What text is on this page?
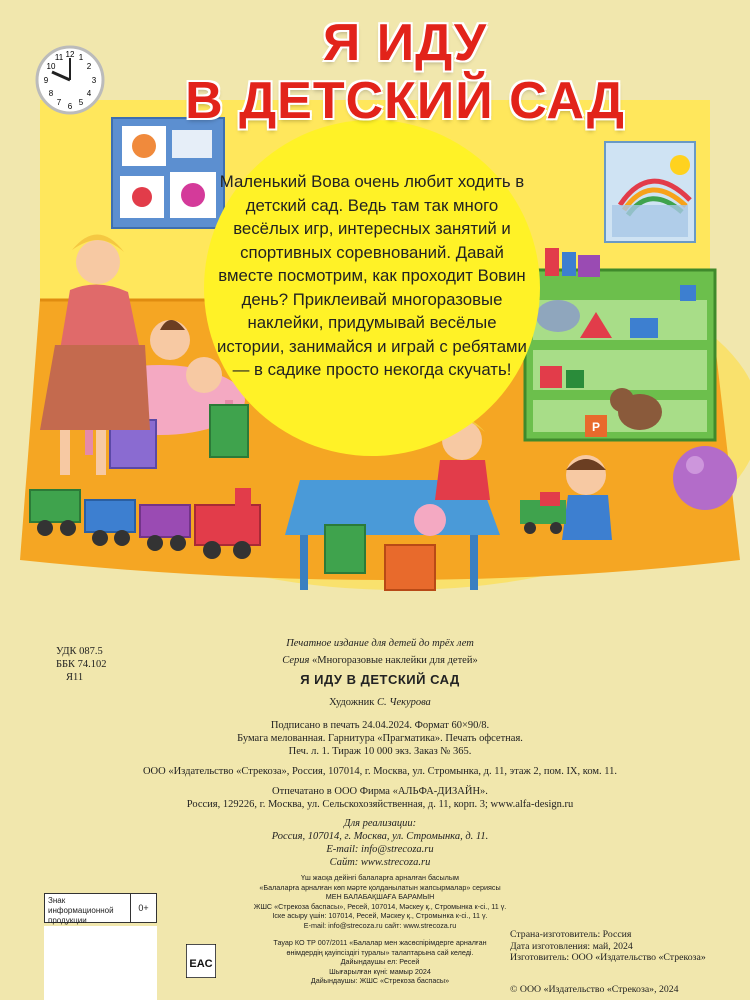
12 1
2
3
4
5
6
7
8
9
10
11
Р
Я ИДУ
В ДЕТСКИЙ САД
Маленький Вова очень любит ходить в детский сад. Ведь там так много весёлых игр, интересных занятий и спортивных соревнований. Давай вместе посмотрим, как проходит Вовин день? Приклеивай многоразовые наклейки, придумывай весёлые истории, занимайся и играй с ребятами — в садике просто некогда скучать!
УДК 087.5
ББК 74.102
Я11
Печатное издание для детей до трёх лет
Серия «Многоразовые наклейки для детей»
Я ИДУ В ДЕТСКИЙ САД
Художник С. Чекурова
Подписано в печать 24.04.2024. Формат 60×90/8.
Бумага мелованная. Гарнитура «Прагматика». Печать офсетная.
Печ. л. 1. Тираж 10 000 экз. Заказ № 365.
ООО «Издательство «Стрекоза», Россия, 107014, г. Москва, ул. Стромынка, д. 11, этаж 2, пом. IX, ком. 11.
Отпечатано в ООО Фирма «АЛЬФА-ДИЗАЙН».
Россия, 129226, г. Москва, ул. Сельскохозяйственная, д. 11, корп. 3; www.alfa-design.ru
Для реализации:
Россия, 107014, г. Москва, ул. Стромынка, д. 11.
E-mail: info@strecoza.ru
Сайт: www.strecoza.ru
Үш жасқа дейінгі балаларға арналған басылым
«Балаларға арналған көп мәрте қолданылатын жапсырмалар» сериясы
МЕН БАЛАБАҚШАҒА БАРАМЫН
ЖШС «Стрекоза баспасы», Ресей, 107014, Мәскеу қ., Стромынка к-сі., 11 ү.
Іске асыру үшін: 107014, Ресей, Мәскеу қ., Стромынка к-сі., 11 ү.
E-mail: info@strecoza.ru сайт: www.strecoza.ru
Тауар КО ТР 007/2011 «Балалар мен жасөспірімдерге арналған
өнімдердің қауіпсіздігі туралы» талаптарына сай келеді.
Дайындаушы ел: Ресей
Шығарылған күні: мамыр 2024
Дайындаушы: ЖШС «Стрекоза баспасы»
Знак информационной продукции
0+
EAC
Страна-изготовитель: Россия
Дата изготовления: май, 2024
Изготовитель: ООО «Издательство «Стрекоза»
© ООО «Издательство «Стрекоза», 2024
